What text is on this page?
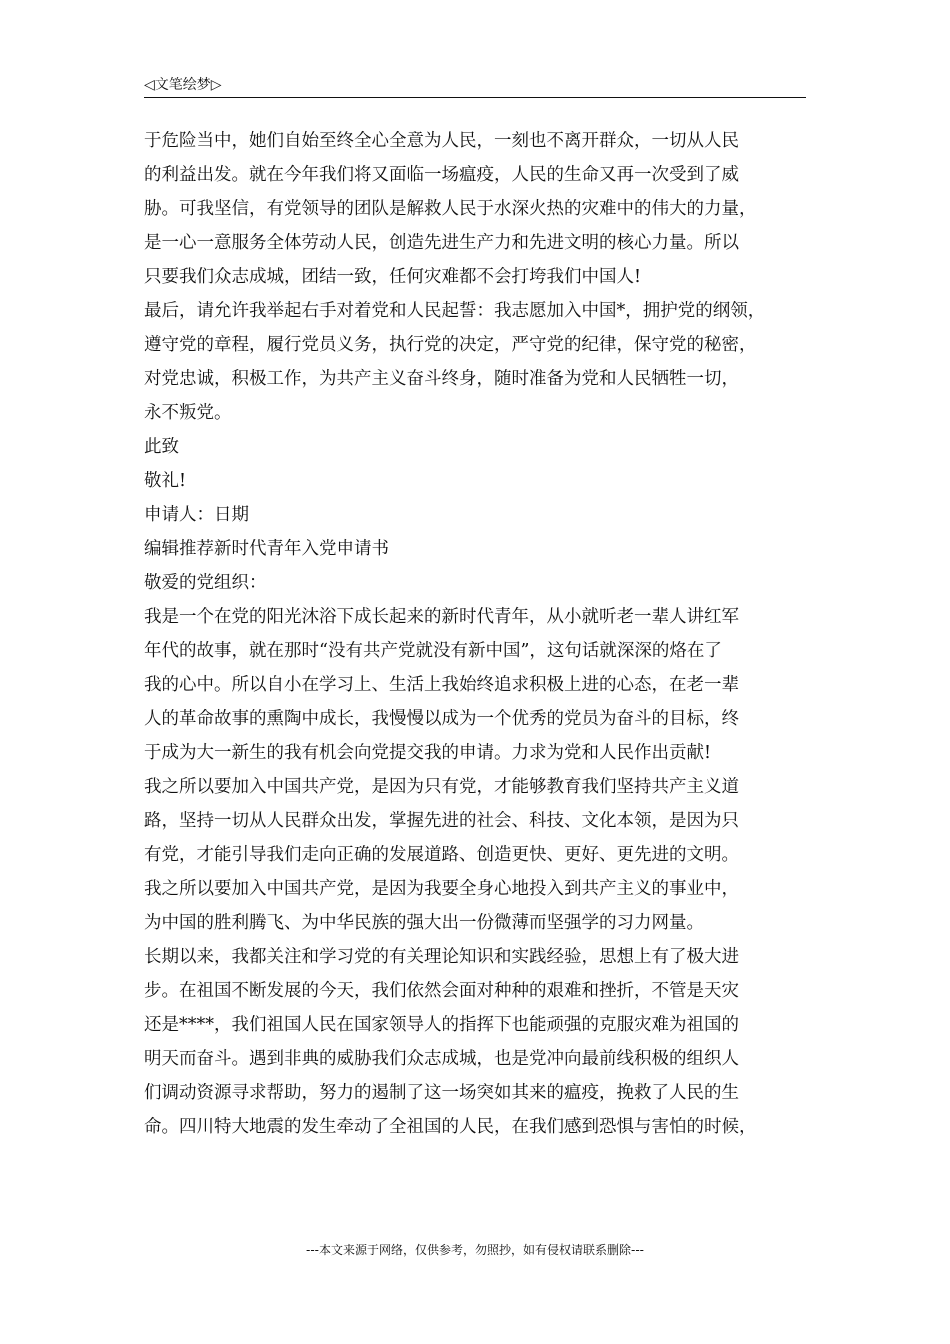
◁文笔绘梦▷
于危险当中，她们自始至终全心全意为人民，一刻也不离开群众，一切从人民
的利益出发。就在今年我们将又面临一场瘟疫，人民的生命又再一次受到了威
胁。可我坚信，有党领导的团队是解救人民于水深火热的灾难中的伟大的力量，
是一心一意服务全体劳动人民，创造先进生产力和先进文明的核心力量。所以
只要我们众志成城，团结一致，任何灾难都不会打垮我们中国人!
最后，请允许我举起右手对着党和人民起誓：我志愿加入中国*，拥护党的纲领，
遵守党的章程，履行党员义务，执行党的决定，严守党的纪律，保守党的秘密，
对党忠诚，积极工作，为共产主义奋斗终身，随时准备为党和人民牺牲一切，
永不叛党。
此致
敬礼!
申请人：日期
编辑推荐新时代青年入党申请书
敬爱的党组织：
我是一个在党的阳光沐浴下成长起来的新时代青年，从小就听老一辈人讲红军
年代的故事，就在那时“没有共产党就没有新中国”，这句话就深深的烙在了
我的心中。所以自小在学习上、生活上我始终追求积极上进的心态，在老一辈
人的革命故事的熏陶中成长，我慢慢以成为一个优秀的党员为奋斗的目标，终
于成为大一新生的我有机会向党提交我的申请。力求为党和人民作出贡献!
我之所以要加入中国共产党，是因为只有党，才能够教育我们坚持共产主义道
路，坚持一切从人民群众出发，掌握先进的社会、科技、文化本领，是因为只
有党，才能引导我们走向正确的发展道路、创造更快、更好、更先进的文明。
我之所以要加入中国共产党，是因为我要全身心地投入到共产主义的事业中，
为中国的胜利腾飞、为中华民族的强大出一份微薄而坚强学的习力网量。
长期以来，我都关注和学习党的有关理论知识和实践经验，思想上有了极大进
步。在祖国不断发展的今天，我们依然会面对种种的艰难和挫折，不管是天灾
还是****，我们祖国人民在国家领导人的指挥下也能顽强的克服灾难为祖国的
明天而奋斗。遇到非典的威胁我们众志成城，也是党冲向最前线积极的组织人
们调动资源寻求帮助，努力的遏制了这一场突如其来的瘟疫，挽救了人民的生
命。四川特大地震的发生牵动了全祖国的人民，在我们感到恐惧与害怕的时候，
---本文来源于网络，仅供参考，勿照抄，如有侵权请联系删除---
